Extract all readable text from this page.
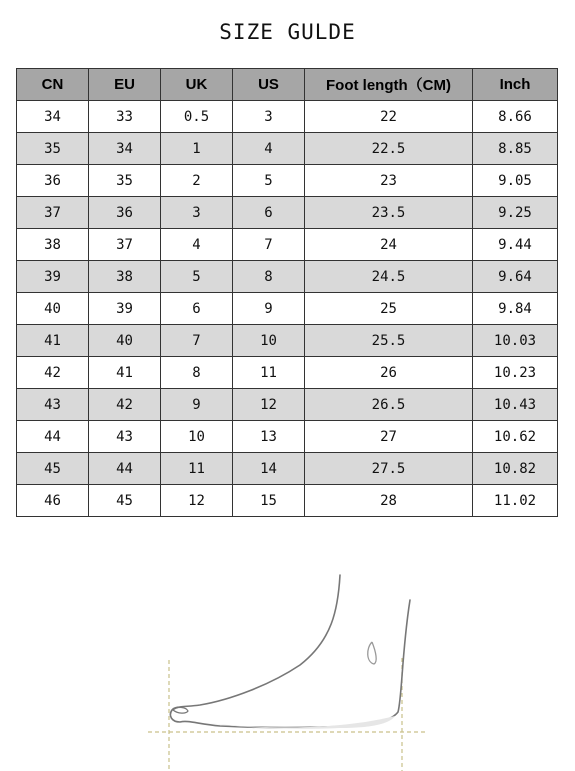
SIZE GULDE
CN	EU	UK	US	Foot length（CM)	Inch
34	33	0.5	3	22	8.66
35	34	1	4	22.5	8.85
36	35	2	5	23	9.05
37	36	3	6	23.5	9.25
38	37	4	7	24	9.44
39	38	5	8	24.5	9.64
40	39	6	9	25	9.84
41	40	7	10	25.5	10.03
42	41	8	11	26	10.23
43	42	9	12	26.5	10.43
44	43	10	13	27	10.62
45	44	11	14	27.5	10.82
46	45	12	15	28	11.02
